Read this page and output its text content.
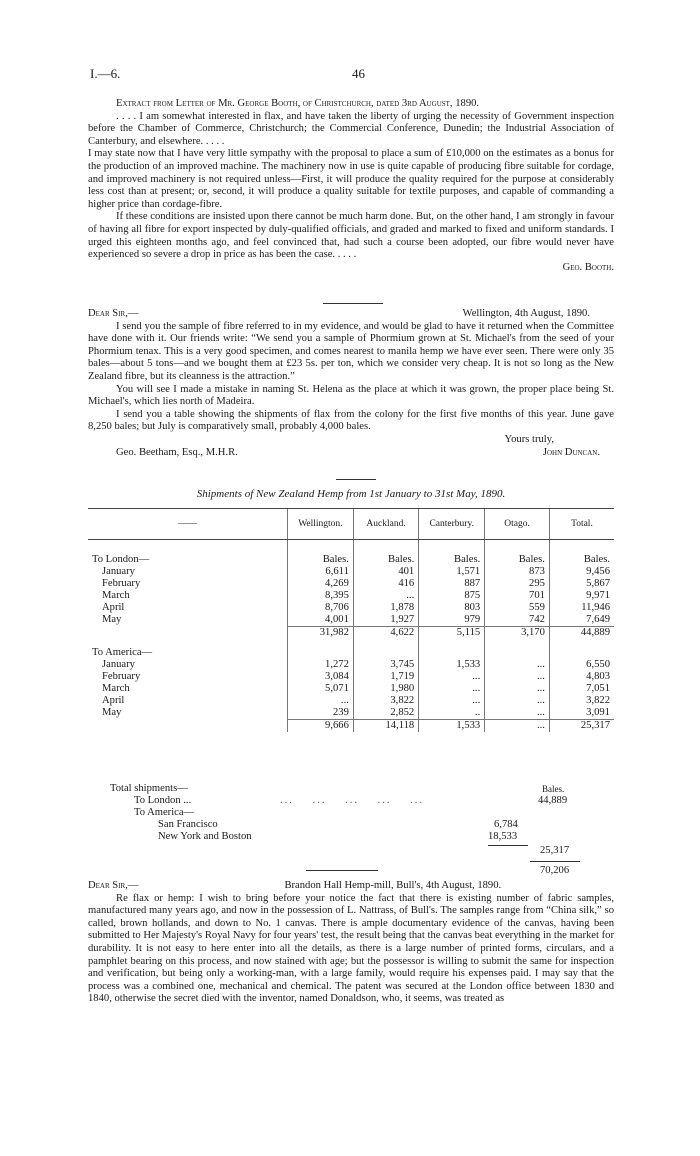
I.—6.	46

Extract from Letter of Mr. George Booth, of Christchurch, dated 3rd August, 1890.

. . . . I am somewhat interested in flax, and have taken the liberty of urging the necessity of Government inspection before the Chamber of Commerce, Christchurch; the Commercial Conference, Dunedin; the Industrial Association of Canterbury, and elsewhere. . . . .

I may state now that I have very little sympathy with the proposal to place a sum of £10,000 on the estimates as a bonus for the production of an improved machine. The machinery now in use is quite capable of producing fibre suitable for cordage, and improved machinery is not required unless—First, it will produce the quality required for the purpose at considerably less cost than at present; or, second, it will produce a quality suitable for textile purposes, and capable of commanding a higher price than cordage-fibre.

If these conditions are insisted upon there cannot be much harm done. But, on the other hand, I am strongly in favour of having all fibre for export inspected by duly-qualified officials, and graded and marked to fixed and uniform standards. I urged this eighteen months ago, and feel convinced that, had such a course been adopted, our fibre would never have experienced so severe a drop in price as has been the case. . . . .

Geo. Booth.

Dear Sir,—	Wellington, 4th August, 1890.

I send you the sample of fibre referred to in my evidence, and would be glad to have it returned when the Committee have done with it. Our friends write: “We send you a sample of Phormium grown at St. Michael's from the seed of your Phormium tenax. This is a very good specimen, and comes nearest to manila hemp we have ever seen. There were only 35 bales—about 5 tons—and we bought them at £23 5s. per ton, which we consider very cheap. It is not so long as the New Zealand fibre, but its cleanness is the attraction.”

You will see I made a mistake in naming St. Helena as the place at which it was grown, the proper place being St. Michael's, which lies north of Madeira.

I send you a table showing the shipments of flax from the colony for the first five months of this year. June gave 8,250 bales; but July is comparatively small, probably 4,000 bales.

Yours truly,

Geo. Beetham, Esq., M.H.R.	John Duncan.
Shipments of New Zealand Hemp from 1st January to 31st May, 1890.
——	Wellington.	Auckland.	Canterbury.	Otago.	Total.
To London—	Bales.	Bales.	Bales.	Bales.	Bales.
January	6,611	401	1,571	873	9,456
February	4,269	416	887	295	5,867
March	8,395	...	875	701	9,971
April	8,706	1,878	803	559	11,946
May	4,001	1,927	979	742	7,649
	31,982	4,622	5,115	3,170	44,889
To America—					
January	1,272	3,745	1,533	...	6,550
February	3,084	1,719	...	...	4,803
March	5,071	1,980	...	...	7,051
April	...	3,822	...	...	3,822
May	239	2,852	..	...	3,091
	9,666	14,118	1,533	...	25,317
Total shipments—	Bales.
To London ...	...    ...    ...    ...    ...	44,889
To America—
San Francisco	6,784
New York and Boston	18,533
25,317
70,206
Dear Sir,—	Brandon Hall Hemp-mill, Bull's, 4th August, 1890.

Re flax or hemp: I wish to bring before your notice the fact that there is existing number of fabric samples, manufactured many years ago, and now in the possession of L. Nattrass, of Bull's. The samples range from “China silk,” so called, brown hollands, and down to No. 1 canvas. There is ample documentary evidence of the canvas, having been submitted to Her Majesty's Royal Navy for four years' test, the result being that the canvas beat everything in the market for durability. It is not easy to here enter into all the details, as there is a large number of printed forms, circulars, and a pamphlet bearing on this process, and now stained with age; but the possessor is willing to submit the same for inspection and verification, but being only a working-man, with a large family, would require his expenses paid. I may say that the process was a combined one, mechanical and chemical. The patent was secured at the London office between 1830 and 1840, otherwise the secret died with the inventor, named Donaldson, who, it seems, was treated as
